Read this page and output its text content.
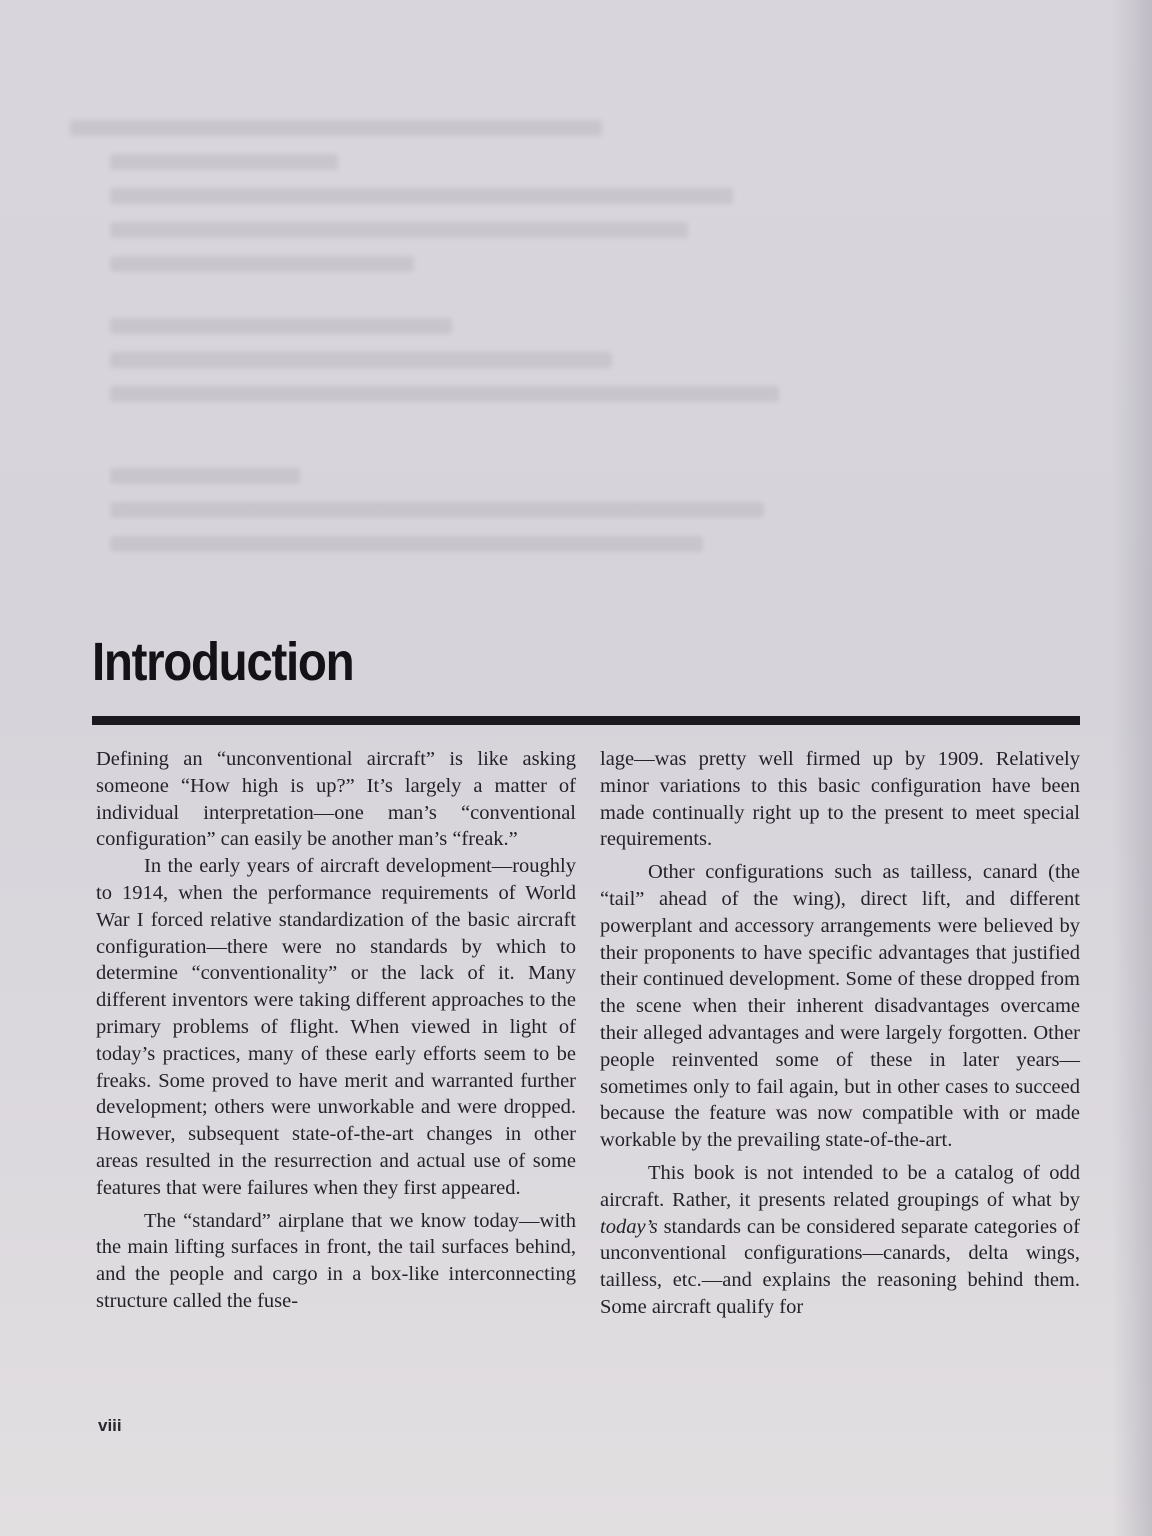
Introduction

Defining an “unconventional aircraft” is like asking someone “How high is up?” It’s largely a matter of individual interpretation—one man’s “conventional configuration” can easily be another man’s “freak.”

In the early years of aircraft development—roughly to 1914, when the performance requirements of World War I forced relative standardization of the basic aircraft configuration—there were no standards by which to determine “conventionality” or the lack of it. Many different inventors were taking different approaches to the primary problems of flight. When viewed in light of today’s practices, many of these early efforts seem to be freaks. Some proved to have merit and warranted further development; others were unworkable and were dropped. However, subsequent state-of-the-art changes in other areas resulted in the resurrection and actual use of some features that were failures when they first appeared.

The “standard” airplane that we know today—with the main lifting surfaces in front, the tail surfaces behind, and the people and cargo in a box-like interconnecting structure called the fuse-

lage—was pretty well firmed up by 1909. Relatively minor variations to this basic configuration have been made continually right up to the present to meet special requirements.

Other configurations such as tailless, canard (the “tail” ahead of the wing), direct lift, and different powerplant and accessory arrangements were believed by their proponents to have specific advantages that justified their continued development. Some of these dropped from the scene when their inherent disadvantages overcame their alleged advantages and were largely forgotten. Other people reinvented some of these in later years—sometimes only to fail again, but in other cases to succeed because the feature was now compatible with or made workable by the prevailing state-of-the-art.

This book is not intended to be a catalog of odd aircraft. Rather, it presents related groupings of what by today’s standards can be considered separate categories of unconventional configurations—canards, delta wings, tailless, etc.—and explains the reasoning behind them. Some aircraft qualify for

viii
